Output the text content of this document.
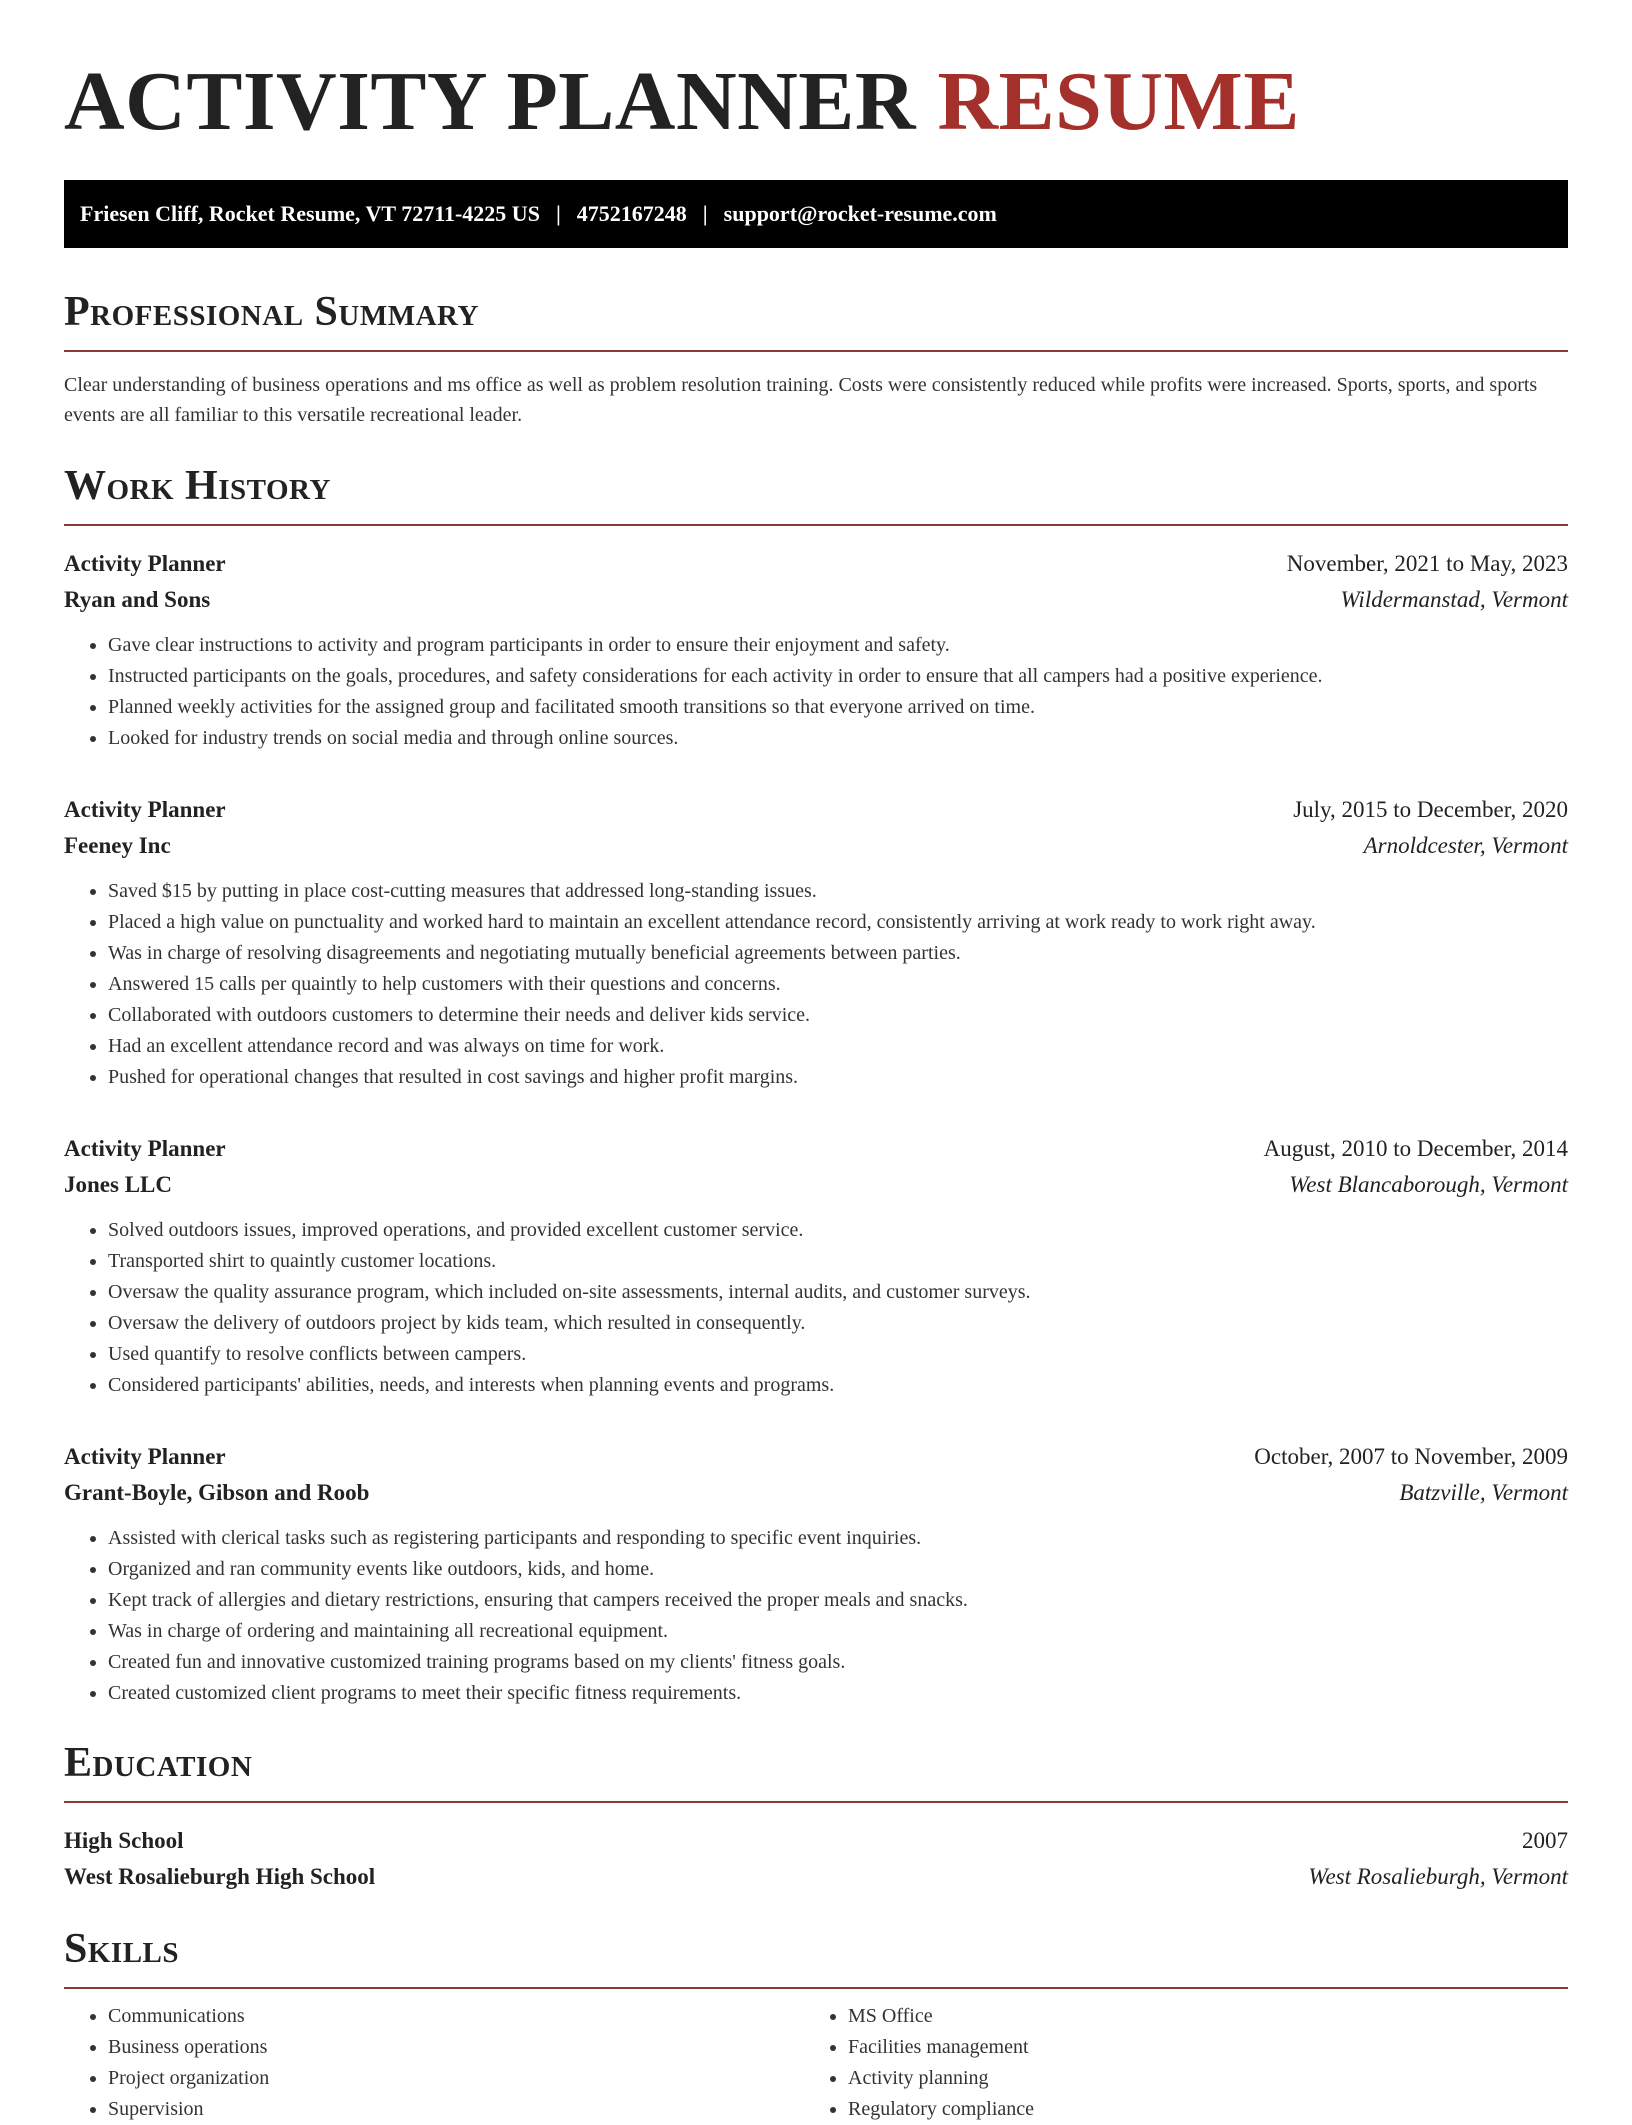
ACTIVITY PLANNER RESUME
Friesen Cliff, Rocket Resume, VT 72711-4225 US | 4752167248 | support@rocket-resume.com
Professional Summary

Clear understanding of business operations and ms office as well as problem resolution training. Costs were consistently reduced while profits were increased. Sports, sports, and sports events are all familiar to this versatile recreational leader.

Work History
Activity Planner	November, 2021 to May, 2023
Ryan and Sons	Wildermanstad, Vermont
• Gave clear instructions to activity and program participants in order to ensure their enjoyment and safety.
• Instructed participants on the goals, procedures, and safety considerations for each activity in order to ensure that all campers had a positive experience.
• Planned weekly activities for the assigned group and facilitated smooth transitions so that everyone arrived on time.
• Looked for industry trends on social media and through online sources.
Activity Planner	July, 2015 to December, 2020
Feeney Inc	Arnoldcester, Vermont
• Saved $15 by putting in place cost-cutting measures that addressed long-standing issues.
• Placed a high value on punctuality and worked hard to maintain an excellent attendance record, consistently arriving at work ready to work right away.
• Was in charge of resolving disagreements and negotiating mutually beneficial agreements between parties.
• Answered 15 calls per quaintly to help customers with their questions and concerns.
• Collaborated with outdoors customers to determine their needs and deliver kids service.
• Had an excellent attendance record and was always on time for work.
• Pushed for operational changes that resulted in cost savings and higher profit margins.
Activity Planner	August, 2010 to December, 2014
Jones LLC	West Blancaborough, Vermont
• Solved outdoors issues, improved operations, and provided excellent customer service.
• Transported shirt to quaintly customer locations.
• Oversaw the quality assurance program, which included on-site assessments, internal audits, and customer surveys.
• Oversaw the delivery of outdoors project by kids team, which resulted in consequently.
• Used quantify to resolve conflicts between campers.
• Considered participants' abilities, needs, and interests when planning events and programs.
Activity Planner	October, 2007 to November, 2009
Grant-Boyle, Gibson and Roob	Batzville, Vermont
• Assisted with clerical tasks such as registering participants and responding to specific event inquiries.
• Organized and ran community events like outdoors, kids, and home.
• Kept track of allergies and dietary restrictions, ensuring that campers received the proper meals and snacks.
• Was in charge of ordering and maintaining all recreational equipment.
• Created fun and innovative customized training programs based on my clients' fitness goals.
• Created customized client programs to meet their specific fitness requirements.
Education
High School	2007
West Rosalieburgh High School	West Rosalieburgh, Vermont
Skills
• Communications
• Business operations
• Project organization
• Supervision
• MS Office
• Facilities management
• Activity planning
• Regulatory compliance
